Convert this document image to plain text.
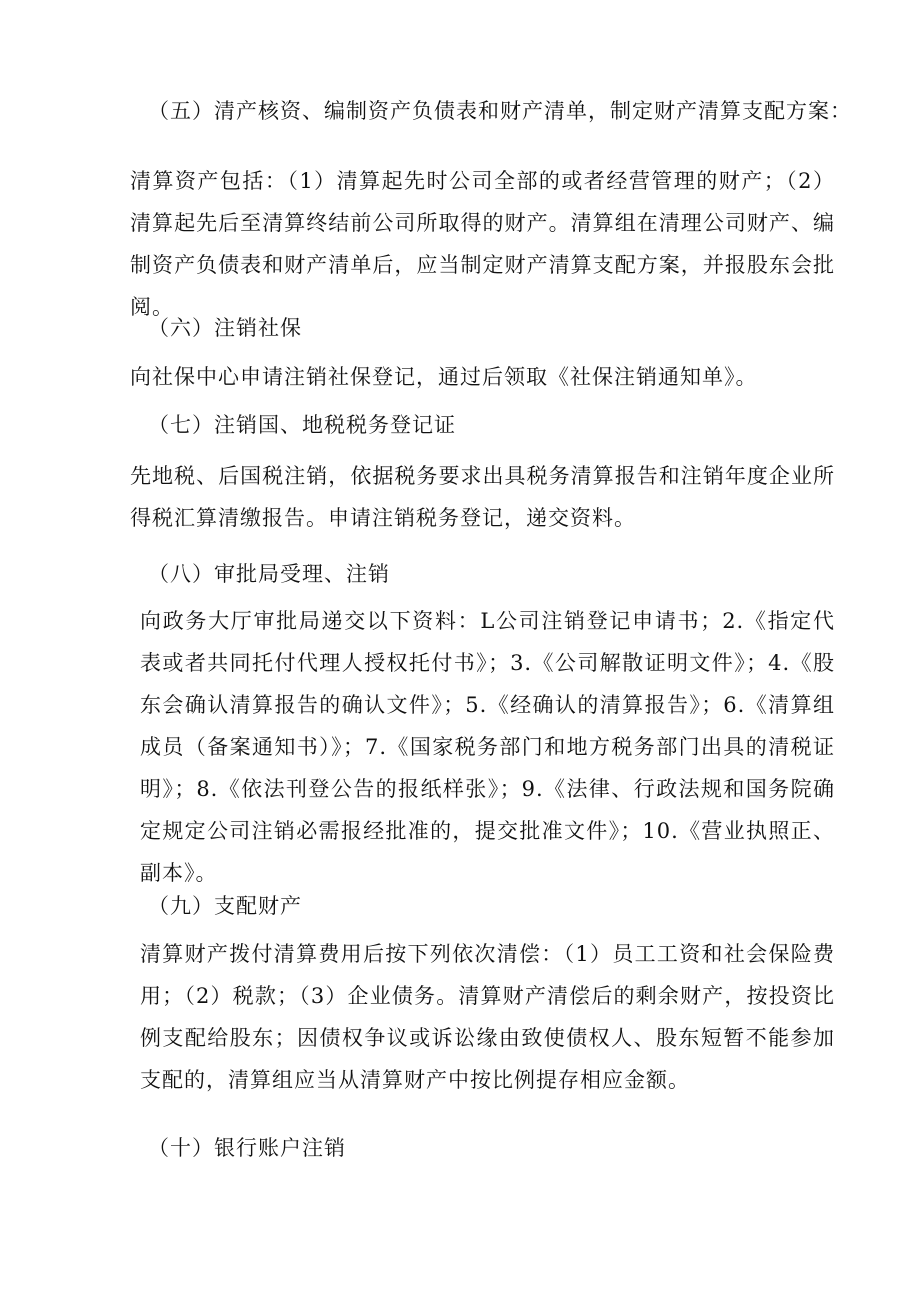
（五）清产核资、编制资产负债表和财产清单，制定财产清算支配方案：

清算资产包括：（1）清算起先时公司全部的或者经营管理的财产；（2）清算起先后至清算终结前公司所取得的财产。清算组在清理公司财产、编制资产负债表和财产清单后，应当制定财产清算支配方案，并报股东会批阅。

（六）注销社保

向社保中心申请注销社保登记，通过后领取《社保注销通知单》。

（七）注销国、地税税务登记证

先地税、后国税注销，依据税务要求出具税务清算报告和注销年度企业所得税汇算清缴报告。申请注销税务登记，递交资料。

（八）审批局受理、注销

向政务大厅审批局递交以下资料：L公司注销登记申请书；2.《指定代表或者共同托付代理人授权托付书》；3.《公司解散证明文件》；4.《股东会确认清算报告的确认文件》；5.《经确认的清算报告》；6.《清算组成员（备案通知书）》；7.《国家税务部门和地方税务部门出具的清税证明》；8.《依法刊登公告的报纸样张》；9.《法律、行政法规和国务院确定规定公司注销必需报经批准的，提交批准文件》；10.《营业执照正、副本》。

（九）支配财产

清算财产拨付清算费用后按下列依次清偿：（1）员工工资和社会保险费用；（2）税款；（3）企业债务。清算财产清偿后的剩余财产，按投资比例支配给股东；因债权争议或诉讼缘由致使债权人、股东短暂不能参加支配的，清算组应当从清算财产中按比例提存相应金额。

（十）银行账户注销
